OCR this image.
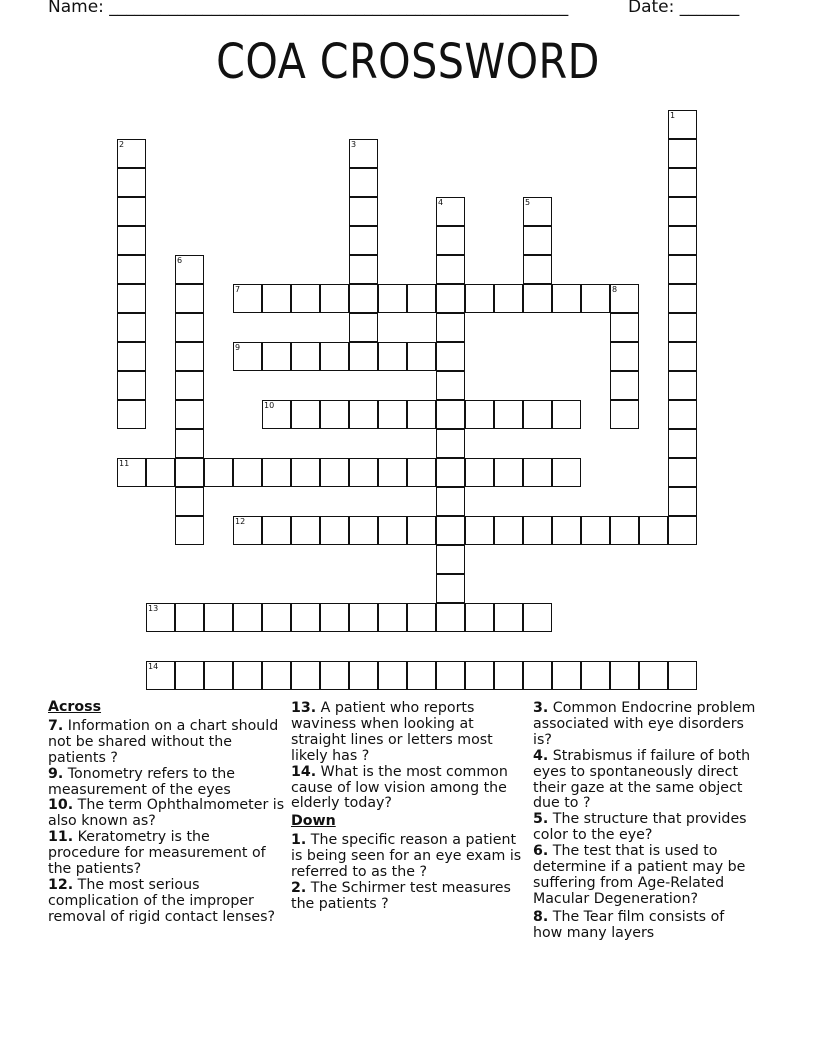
Name: ______________________________________________________	Date: _______
COA CROSSWORD
7
9
10
11
12
13
14
1
2	3
4	5
6
8

Across

7. Information on a chart should not be shared without the patients ?

9. Tonometry refers to the measurement of the eyes

10. The term Ophthalmometer is also known as?

11. Keratometry is the procedure for measurement of the patients?

12. The most serious complication of the improper removal of rigid contact lenses?

13. A patient who reports waviness when looking at straight lines or letters most likely has ?

14. What is the most common cause of low vision among the elderly today?

Down

1. The specific reason a patient is being seen for an eye exam is referred to as the ?

2. The Schirmer test measures the patients ?

3. Common Endocrine problem associated with eye disorders is?

4. Strabismus if failure of both eyes to spontaneously direct their gaze at the same object due to ?

5. The structure that provides color to the eye?

6. The test that is used to determine if a patient may be suffering from Age-Related Macular Degeneration?

8. The Tear film consists of how many layers
